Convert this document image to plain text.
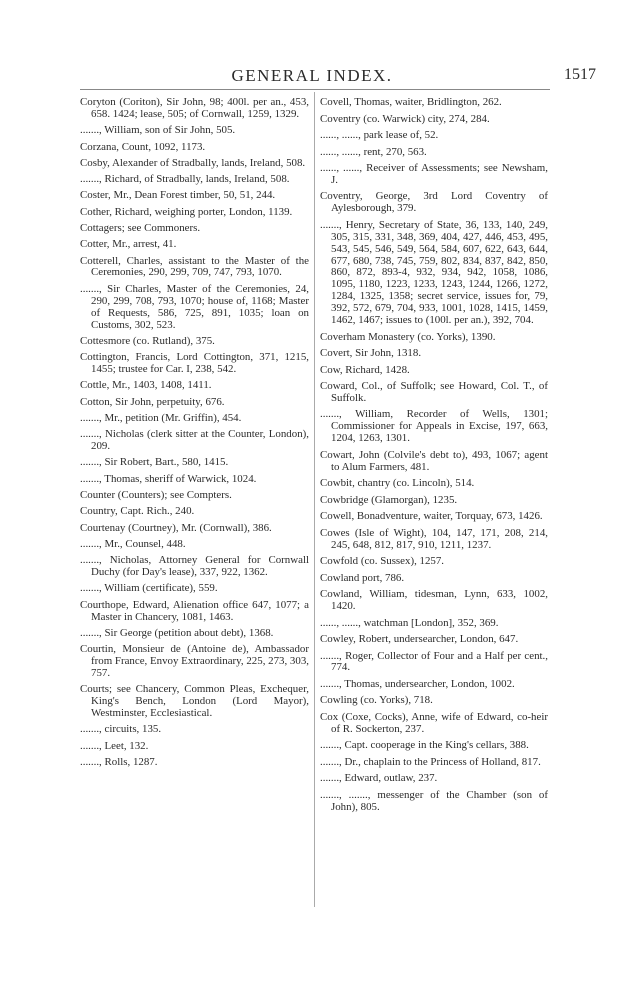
GENERAL INDEX.	1517
Coryton (Coriton), Sir John, 98; 400l. per an., 453, 658. 1424; lease, 505; of Cornwall, 1259, 1329.
......., William, son of Sir John, 505.
Corzana, Count, 1092, 1173.
Cosby, Alexander of Stradbally, lands, Ireland, 508.
......., Richard, of Stradbally, lands, Ireland, 508.
Coster, Mr., Dean Forest timber, 50, 51, 244.
Cother, Richard, weighing porter, London, 1139.
Cottagers; see Commoners.
Cotter, Mr., arrest, 41.
Cotterell, Charles, assistant to the Master of the Ceremonies, 290, 299, 709, 747, 793, 1070.
......., Sir Charles, Master of the Ceremonies, 24, 290, 299, 708, 793, 1070; house of, 1168; Master of Requests, 586, 725, 891, 1035; loan on Customs, 302, 523.
Cottesmore (co. Rutland), 375.
Cottington, Francis, Lord Cottington, 371, 1215, 1455; trustee for Car. I, 238, 542.
Cottle, Mr., 1403, 1408, 1411.
Cotton, Sir John, perpetuity, 676.
......., Mr., petition (Mr. Griffin), 454.
......., Nicholas (clerk sitter at the Counter, London), 209.
......., Sir Robert, Bart., 580, 1415.
......., Thomas, sheriff of Warwick, 1024.
Counter (Counters); see Compters.
Country, Capt. Rich., 240.
Courtenay (Courtney), Mr. (Cornwall), 386.
......., Mr., Counsel, 448.
......., Nicholas, Attorney General for Cornwall Duchy (for Day's lease), 337, 922, 1362.
......., William (certificate), 559.
Courthope, Edward, Alienation office 647, 1077; a Master in Chancery, 1081, 1463.
......., Sir George (petition about debt), 1368.
Courtin, Monsieur de (Antoine de), Ambassador from France, Envoy Extraordinary, 225, 273, 303, 757.
Courts; see Chancery, Common Pleas, Exchequer, King's Bench, London (Lord Mayor), Westminster, Ecclesiastical.
......., circuits, 135.
......., Leet, 132.
......., Rolls, 1287.
Covell, Thomas, waiter, Bridlington, 262.
Coventry (co. Warwick) city, 274, 284.
......, ......, park lease of, 52.
......, ......, rent, 270, 563.
......, ......, Receiver of Assessments; see Newsham, J.
Coventry, George, 3rd Lord Coventry of Aylesborough, 379.
......., Henry, Secretary of State, 36, 133, 140, 249, 305, 315, 331, 348, 369, 404, 427, 446, 453, 495, 543, 545, 546, 549, 564, 584, 607, 622, 643, 644, 677, 680, 738, 745, 759, 802, 834, 837, 842, 850, 860, 872, 893-4, 932, 934, 942, 1058, 1086, 1095, 1180, 1223, 1233, 1243, 1244, 1266, 1272, 1284, 1325, 1358; secret service, issues for, 79, 392, 572, 679, 704, 933, 1001, 1028, 1415, 1459, 1462, 1467; issues to (100l. per an.), 392, 704.
Coverham Monastery (co. Yorks), 1390.
Covert, Sir John, 1318.
Cow, Richard, 1428.
Coward, Col., of Suffolk; see Howard, Col. T., of Suffolk.
......., William, Recorder of Wells, 1301; Commissioner for Appeals in Excise, 197, 663, 1204, 1263, 1301.
Cowart, John (Colvile's debt to), 493, 1067; agent to Alum Farmers, 481.
Cowbit, chantry (co. Lincoln), 514.
Cowbridge (Glamorgan), 1235.
Cowell, Bonadventure, waiter, Torquay, 673, 1426.
Cowes (Isle of Wight), 104, 147, 171, 208, 214, 245, 648, 812, 817, 910, 1211, 1237.
Cowfold (co. Sussex), 1257.
Cowland port, 786.
Cowland, William, tidesman, Lynn, 633, 1002, 1420.
......, ......, watchman [London], 352, 369.
Cowley, Robert, undersearcher, London, 647.
......., Roger, Collector of Four and a Half per cent., 774.
......., Thomas, undersearcher, London, 1002.
Cowling (co. Yorks), 718.
Cox (Coxe, Cocks), Anne, wife of Edward, co-heir of R. Sockerton, 237.
......., Capt. cooperage in the King's cellars, 388.
......., Dr., chaplain to the Princess of Holland, 817.
......., Edward, outlaw, 237.
......., ......., messenger of the Chamber (son of John), 805.
